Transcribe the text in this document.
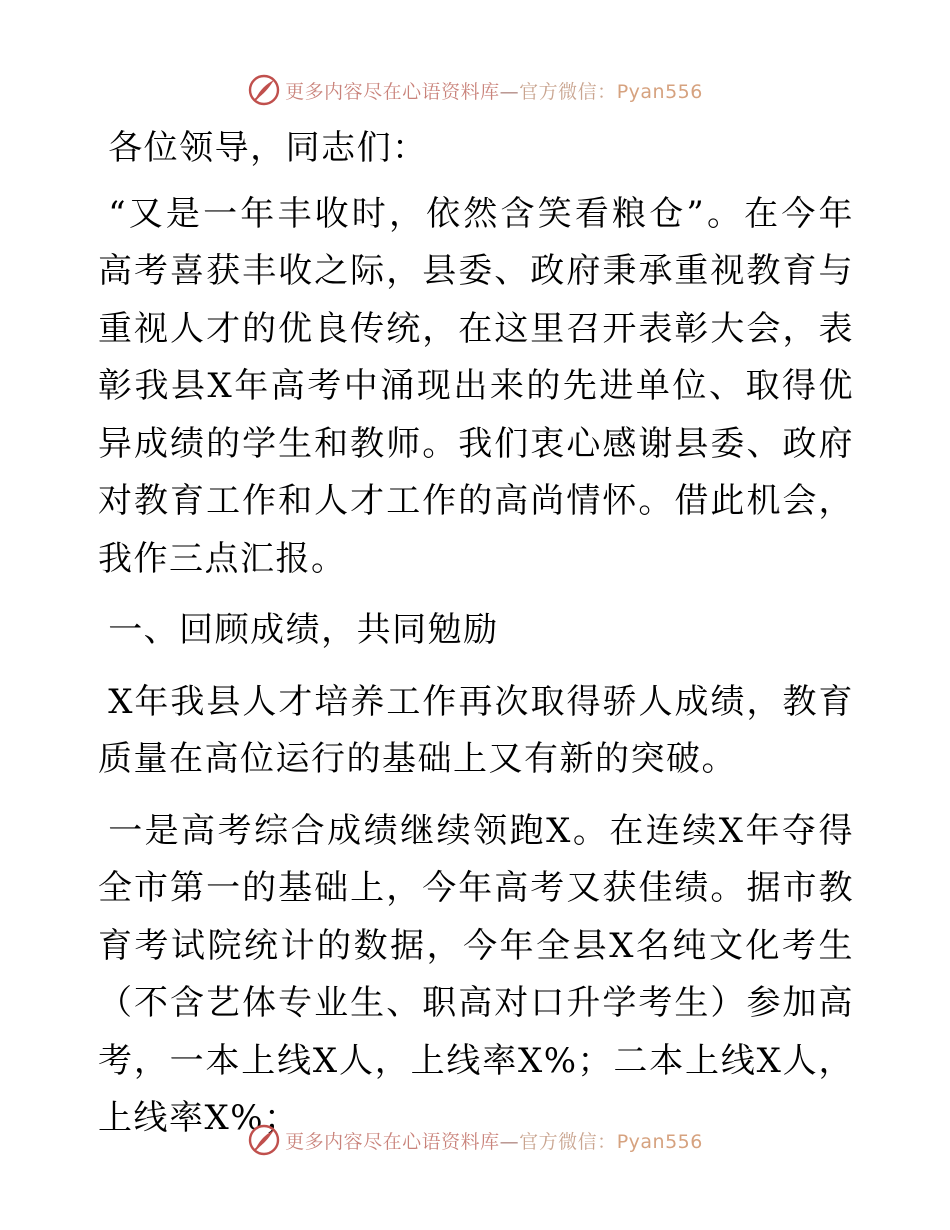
更多内容尽在心语资料库—官方微信：Pyan556

各位领导，同志们：

“又是一年丰收时，依然含笑看粮仓”。在今年高考喜获丰收之际，县委、政府秉承重视教育与重视人才的优良传统，在这里召开表彰大会，表彰我县X年高考中涌现出来的先进单位、取得优异成绩的学生和教师。我们衷心感谢县委、政府对教育工作和人才工作的高尚情怀。借此机会，我作三点汇报。

一、回顾成绩，共同勉励

X年我县人才培养工作再次取得骄人成绩，教育质量在高位运行的基础上又有新的突破。

一是高考综合成绩继续领跑X。在连续X年夺得全市第一的基础上，今年高考又获佳绩。据市教育考试院统计的数据，今年全县X名纯文化考生（不含艺体专业生、职高对口升学考生）参加高考，一本上线X人，上线率X%；二本上线X人，上线率X%；

更多内容尽在心语资料库—官方微信：Pyan556
